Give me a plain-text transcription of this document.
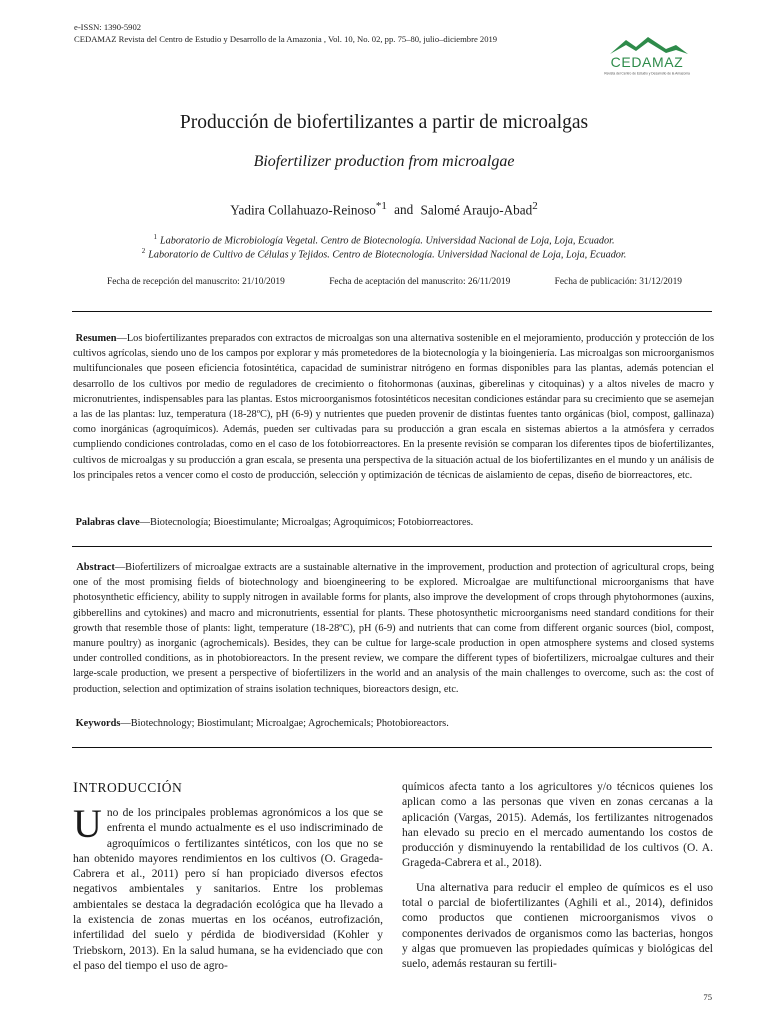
e-ISSN: 1390-5902
CEDAMAZ Revista del Centro de Estudio y Desarrollo de la Amazonia , Vol. 10, No. 02, pp. 75–80, julio–diciembre 2019
CEDAMAZ
Revista del Centro de Estudio y Desarrollo de la Amazonia
Producción de biofertilizantes a partir de microalgas
Biofertilizer production from microalgae
Yadira Collahuazo-Reinoso$^{*1}$ and Salomé Araujo-Abad$^2$
$^1$ Laboratorio de Microbiología Vegetal. Centro de Biotecnología. Universidad Nacional de Loja, Loja, Ecuador.
$^2$ Laboratorio de Cultivo de Células y Tejidos. Centro de Biotecnología. Universidad Nacional de Loja, Loja, Ecuador.
Fecha de recepción del manuscrito: 21/10/2019	Fecha de aceptación del manuscrito: 26/11/2019	Fecha de publicación: 31/12/2019
Resumen—Los biofertilizantes preparados con extractos de microalgas son una alternativa sostenible en el mejoramiento, producción y protección de los cultivos agrícolas, siendo uno de los campos por explorar y más prometedores de la biotecnología y la bioingeniería. Las microalgas son microorganismos multifuncionales que poseen eficiencia fotosintética, capacidad de suministrar nitrógeno en formas disponibles para las plantas, además potencian el desarrollo de los cultivos por medio de reguladores de crecimiento o fitohormonas (auxinas, giberelinas y citoquinas) y a altos niveles de macro y micronutrientes, indispensables para las plantas. Estos microorganismos fotosintéticos necesitan condiciones estándar para su crecimiento que se asemejan a las de las plantas: luz, temperatura (18-28ºC), pH (6-9) y nutrientes que pueden provenir de distintas fuentes tanto orgánicas (biol, compost, gallinaza) como inorgánicas (agroquímicos). Además, pueden ser cultivadas para su producción a gran escala en sistemas abiertos a la atmósfera y cerrados cumpliendo condiciones controladas, como en el caso de los fotobiorreactores. En la presente revisión se comparan los diferentes tipos de biofertilizantes, cultivos de microalgas y su producción a gran escala, se presenta una perspectiva de la situación actual de los biofertilizantes en el mundo y un análisis de los principales retos a vencer como el costo de producción, selección y optimización de técnicas de aislamiento de cepas, diseño de biorreactores, etc.
Palabras clave—Biotecnología; Bioestimulante; Microalgas; Agroquímicos; Fotobiorreactores.
Abstract—Biofertilizers of microalgae extracts are a sustainable alternative in the improvement, production and protection of agricultural crops, being one of the most promising fields of biotechnology and bioengineering to be explored. Microalgae are multifunctional microorganisms that have photosynthetic efficiency, ability to supply nitrogen in available forms for plants, also improve the development of crops through phytohormones (auxins, gibberellins and cytokines) and macro and micronutrients, essential for plants. These photosynthetic microorganisms need standard conditions for their growth that resemble those of plants: light, temperature (18-28ºC), pH (6-9) and nutrients that can come from different organic sources (biol, compost, manure poultry) as inorganic (agrochemicals). Besides, they can be cultue for large-scale production in open atmosphere systems and closed systems under controlled conditions, as in photobioreactors. In the present review, we compare the different types of biofertilizers, microalgae cultures and their large-scale production, we present a perspective of biofertilizers in the world and an analysis of the main challenges to overcome, such as: the cost of production, selection and optimization of strains isolation techniques, bioreactors design, etc.
Keywords—Biotechnology; Biostimulant; Microalgae; Agrochemicals; Photobioreactors.
INTRODUCCIÓN
Uno de los principales problemas agronómicos a los que se enfrenta el mundo actualmente es el uso indiscriminado de agroquímicos o fertilizantes sintéticos, con los que no se han obtenido mayores rendimientos en los cultivos (O. Grageda-Cabrera et al., 2011) pero sí han propiciado diversos efectos negativos ambientales y sanitarios. Entre los problemas ambientales se destaca la degradación ecológica que ha llevado a la existencia de zonas muertas en los océanos, eutrofización, infertilidad del suelo y pérdida de biodiversidad (Kohler y Triebskorn, 2013). En la salud humana, se ha evidenciado que con el paso del tiempo el uso de agro-
químicos afecta tanto a los agricultores y/o técnicos quienes los aplican como a las personas que viven en zonas cercanas a la aplicación (Vargas, 2015). Además, los fertilizantes nitrogenados han elevado su precio en el mercado aumentando los costos de producción y disminuyendo la rentabilidad de los cultivos (O. A. Grageda-Cabrera et al., 2018).
Una alternativa para reducir el empleo de químicos es el uso total o parcial de biofertilizantes (Aghili et al., 2014), definidos como productos que contienen microorganismos vivos o componentes derivados de organismos como las bacterias, hongos y algas que promueven las propiedades químicas y biológicas del suelo, además restauran su fertili-
75
